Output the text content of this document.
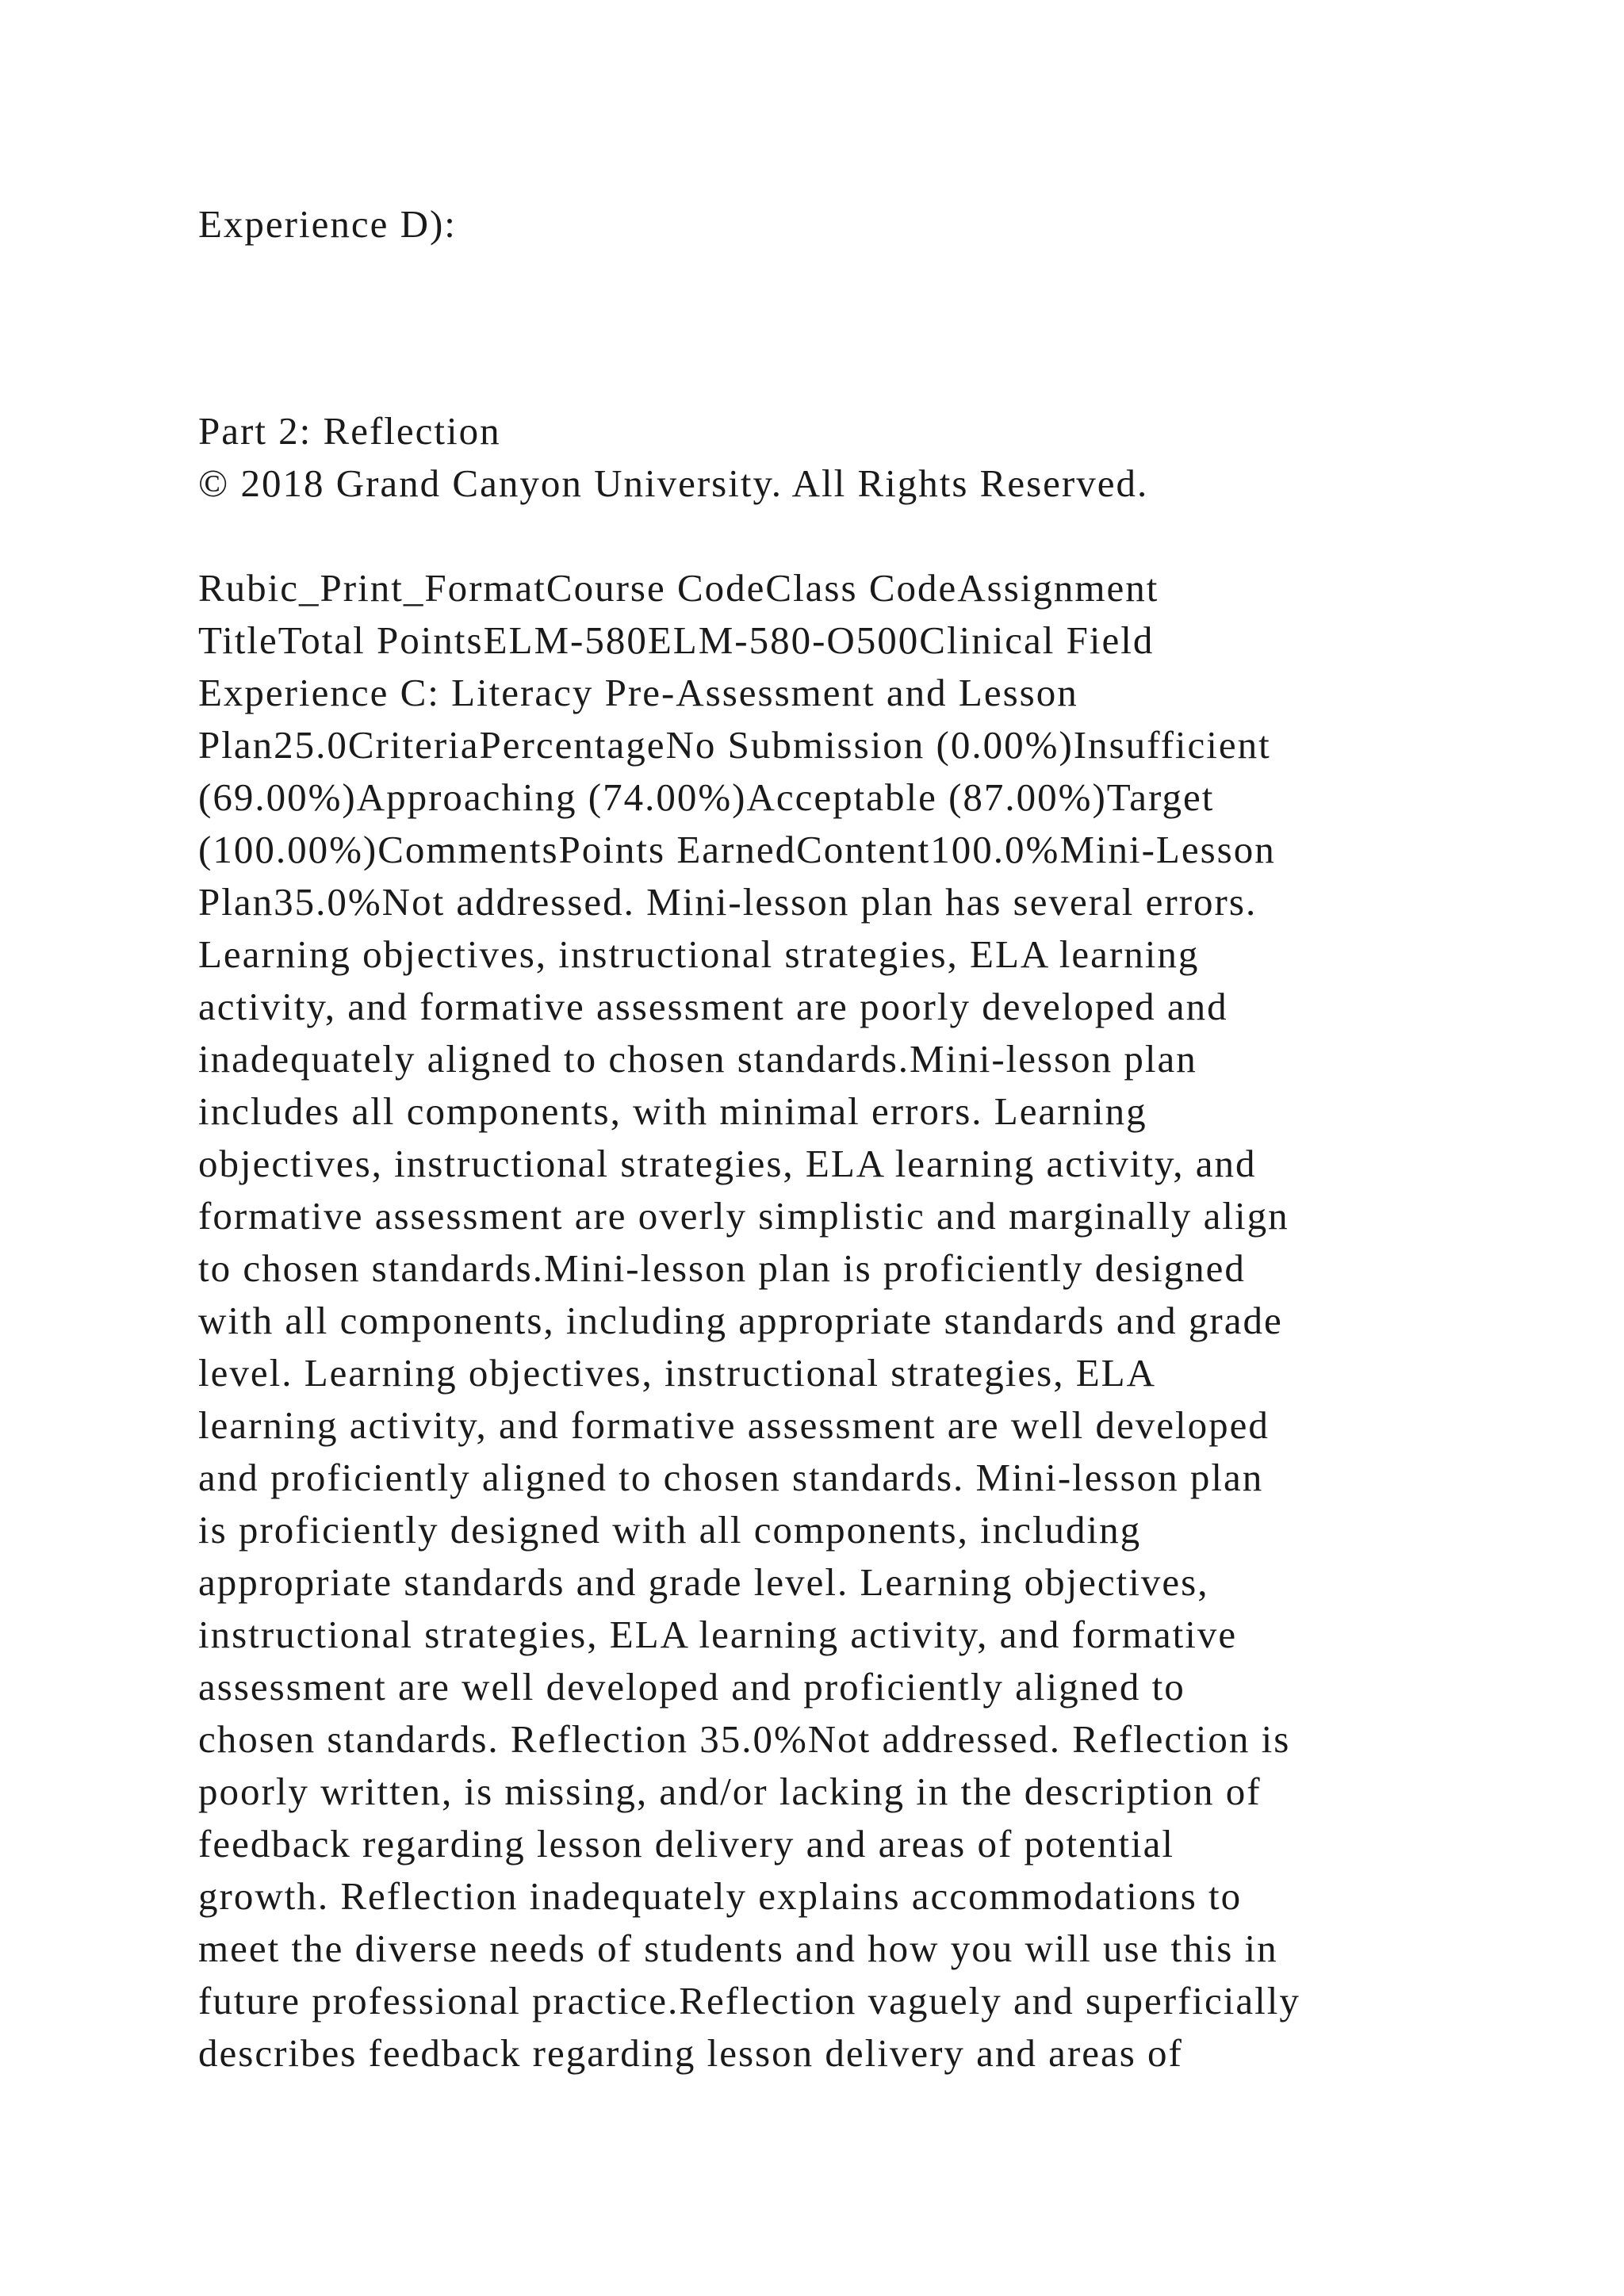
Experience D):
Part 2: Reflection
© 2018 Grand Canyon University. All Rights Reserved.
Rubic_Print_FormatCourse CodeClass CodeAssignment
TitleTotal PointsELM-580ELM-580-O500Clinical Field
Experience C: Literacy Pre-Assessment and Lesson
Plan25.0CriteriaPercentageNo Submission (0.00%)Insufficient
(69.00%)Approaching (74.00%)Acceptable (87.00%)Target
(100.00%)CommentsPoints EarnedContent100.0%Mini-Lesson
Plan35.0%Not addressed. Mini-lesson plan has several errors.
Learning objectives, instructional strategies, ELA learning
activity, and formative assessment are poorly developed and
inadequately aligned to chosen standards.Mini-lesson plan
includes all components, with minimal errors. Learning
objectives, instructional strategies, ELA learning activity, and
formative assessment are overly simplistic and marginally align
to chosen standards.Mini-lesson plan is proficiently designed
with all components, including appropriate standards and grade
level. Learning objectives, instructional strategies, ELA
learning activity, and formative assessment are well developed
and proficiently aligned to chosen standards. Mini-lesson plan
is proficiently designed with all components, including
appropriate standards and grade level. Learning objectives,
instructional strategies, ELA learning activity, and formative
assessment are well developed and proficiently aligned to
chosen standards. Reflection 35.0%Not addressed. Reflection is
poorly written, is missing, and/or lacking in the description of
feedback regarding lesson delivery and areas of potential
growth. Reflection inadequately explains accommodations to
meet the diverse needs of students and how you will use this in
future professional practice.Reflection vaguely and superficially
describes feedback regarding lesson delivery and areas of
